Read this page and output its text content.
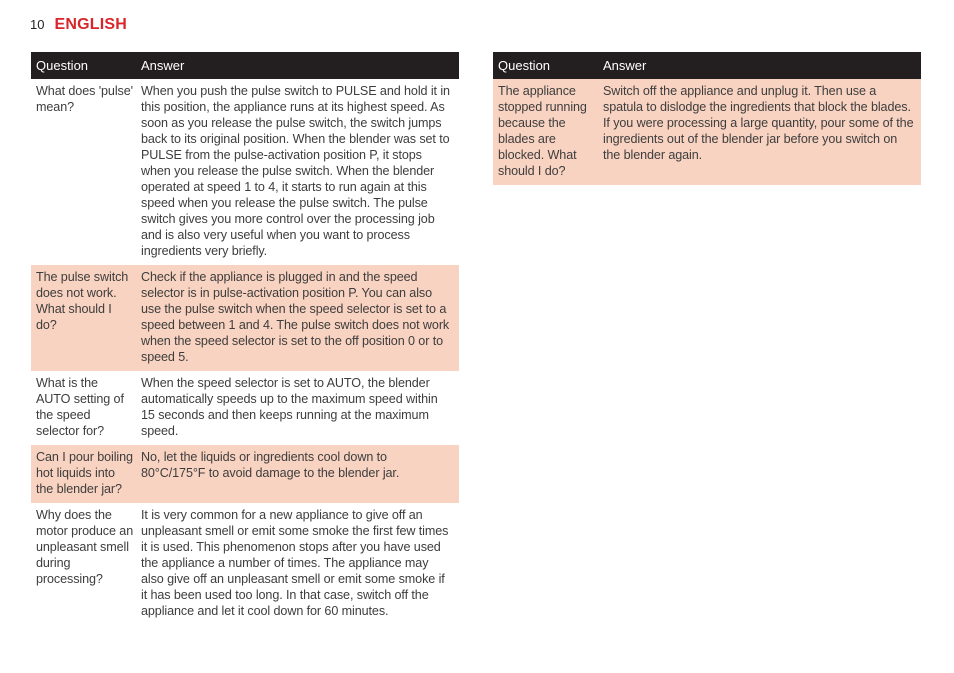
10 ENGLISH
Question	Answer
What does 'pulse' mean?	When you push the pulse switch to PULSE and hold it in this position, the appliance runs at its highest speed. As soon as you release the pulse switch, the switch jumps back to its original position. When the blender was set to PULSE from the pulse-activation position P, it stops when you release the pulse switch. When the blender operated at speed 1 to 4, it starts to run again at this speed when you release the pulse switch. The pulse switch gives you more control over the processing job and is also very useful when you want to process ingredients very briefly.
The pulse switch does not work. What should I do?	Check if the appliance is plugged in and the speed selector is in pulse-activation position P. You can also use the pulse switch when the speed selector is set to a speed between 1 and 4. The pulse switch does not work when the speed selector is set to the off position 0 or to speed 5.
What is the AUTO setting of the speed selector for?	When the speed selector is set to AUTO, the blender automatically speeds up to the maximum speed within 15 seconds and then keeps running at the maximum speed.
Can I pour boiling hot liquids into the blender jar?	No, let the liquids or ingredients cool down to 80°C/175°F to avoid damage to the blender jar.
Why does the motor produce an unpleasant smell during processing?	It is very common for a new appliance to give off an unpleasant smell or emit some smoke the first few times it is used. This phenomenon stops after you have used the appliance a number of times. The appliance may also give off an unpleasant smell or emit some smoke if it has been used too long. In that case, switch off the appliance and let it cool down for 60 minutes.
Question	Answer
The appliance stopped running because the blades are blocked. What should I do?	Switch off the appliance and unplug it. Then use a spatula to dislodge the ingredients that block the blades. If you were processing a large quantity, pour some of the ingredients out of the blender jar before you switch on the blender again.
